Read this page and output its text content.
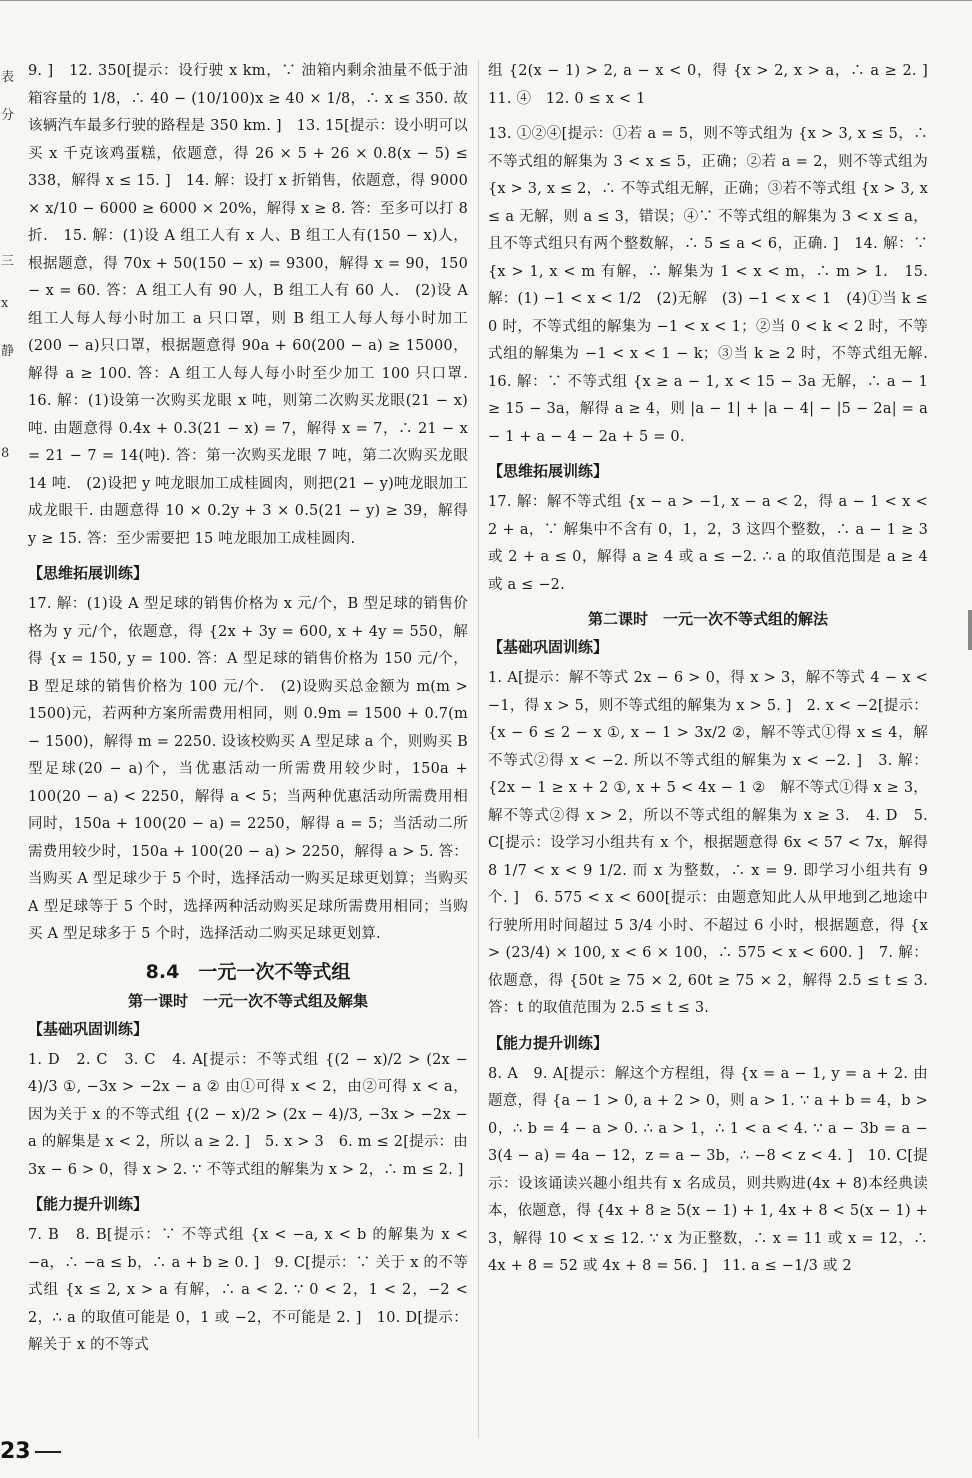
表
分
三
x
静
8

9. ]　12. 350[提示：设行驶 x km，∵ 油箱内剩余油量不低于油箱容量的 1/8，∴ 40 − (10/100)x ≥ 40 × 1/8，∴ x ≤ 350. 故该辆汽车最多行驶的路程是 350 km. ]　13. 15[提示：设小明可以买 x 千克该鸡蛋糕，依题意，得 26 × 5 + 26 × 0.8(x − 5) ≤ 338，解得 x ≤ 15. ]　14. 解：设打 x 折销售，依题意，得 9000 × x/10 − 6000 ≥ 6000 × 20%，解得 x ≥ 8. 答：至多可以打 8 折.　15. 解：(1)设 A 组工人有 x 人、B 组工人有(150 − x)人，根据题意，得 70x + 50(150 − x) = 9300，解得 x = 90，150 − x = 60. 答：A 组工人有 90 人，B 组工人有 60 人.　(2)设 A 组工人每人每小时加工 a 只口罩，则 B 组工人每人每小时加工(200 − a)只口罩，根据题意得 90a + 60(200 − a) ≥ 15000，解得 a ≥ 100. 答：A 组工人每人每小时至少加工 100 只口罩.　16. 解：(1)设第一次购买龙眼 x 吨，则第二次购买龙眼(21 − x)吨. 由题意得 0.4x + 0.3(21 − x) = 7，解得 x = 7，∴ 21 − x = 21 − 7 = 14(吨). 答：第一次购买龙眼 7 吨，第二次购买龙眼 14 吨.　(2)设把 y 吨龙眼加工成桂圆肉，则把(21 − y)吨龙眼加工成龙眼干. 由题意得 10 × 0.2y + 3 × 0.5(21 − y) ≥ 39，解得 y ≥ 15. 答：至少需要把 15 吨龙眼加工成桂圆肉.

【思维拓展训练】

17. 解：(1)设 A 型足球的销售价格为 x 元/个，B 型足球的销售价格为 y 元/个，依题意，得 {2x + 3y = 600, x + 4y = 550，解得 {x = 150, y = 100. 答：A 型足球的销售价格为 150 元/个，B 型足球的销售价格为 100 元/个.　(2)设购买总金额为 m(m > 1500)元，若两种方案所需费用相同，则 0.9m = 1500 + 0.7(m − 1500)，解得 m = 2250. 设该校购买 A 型足球 a 个，则购买 B 型足球(20 − a)个，当优惠活动一所需费用较少时，150a + 100(20 − a) < 2250，解得 a < 5；当两种优惠活动所需费用相同时，150a + 100(20 − a) = 2250，解得 a = 5；当活动二所需费用较少时，150a + 100(20 − a) > 2250，解得 a > 5. 答：当购买 A 型足球少于 5 个时，选择活动一购买足球更划算；当购买 A 型足球等于 5 个时，选择两种活动购买足球所需费用相同；当购买 A 型足球多于 5 个时，选择活动二购买足球更划算.

8.4　一元一次不等式组
第一课时　一元一次不等式组及解集
【基础巩固训练】

1. D　2. C　3. C　4. A[提示：不等式组 {(2 − x)/2 > (2x − 4)/3 ①, −3x > −2x − a ② 由①可得 x < 2，由②可得 x < a，因为关于 x 的不等式组 {(2 − x)/2 > (2x − 4)/3, −3x > −2x − a 的解集是 x < 2，所以 a ≥ 2. ]　5. x > 3　6. m ≤ 2[提示：由 3x − 6 > 0，得 x > 2. ∵ 不等式组的解集为 x > 2，∴ m ≤ 2. ]

【能力提升训练】

7. B　8. B[提示：∵ 不等式组 {x < −a, x < b 的解集为 x < −a，∴ −a ≤ b，∴ a + b ≥ 0. ]　9. C[提示：∵ 关于 x 的不等式组 {x ≤ 2, x > a 有解，∴ a < 2. ∵ 0 < 2，1 < 2，−2 < 2，∴ a 的取值可能是 0，1 或 −2，不可能是 2. ]　10. D[提示：解关于 x 的不等式

组 {2(x − 1) > 2, a − x < 0，得 {x > 2, x > a，∴ a ≥ 2. ]　11. ④　12. 0 ≤ x < 1

13. ①②④[提示：①若 a = 5，则不等式组为 {x > 3, x ≤ 5，∴ 不等式组的解集为 3 < x ≤ 5，正确；②若 a = 2，则不等式组为 {x > 3, x ≤ 2，∴ 不等式组无解，正确；③若不等式组 {x > 3, x ≤ a 无解，则 a ≤ 3，错误；④∵ 不等式组的解集为 3 < x ≤ a，且不等式组只有两个整数解，∴ 5 ≤ a < 6，正确. ]　14. 解：∵ {x > 1, x < m 有解，∴ 解集为 1 < x < m，∴ m > 1.　15. 解：(1) −1 < x < 1/2　(2)无解　(3) −1 < x < 1　(4)①当 k ≤ 0 时，不等式组的解集为 −1 < x < 1；②当 0 < k < 2 时，不等式组的解集为 −1 < x < 1 − k；③当 k ≥ 2 时，不等式组无解.　16. 解：∵ 不等式组 {x ≥ a − 1, x < 15 − 3a 无解，∴ a − 1 ≥ 15 − 3a，解得 a ≥ 4，则 |a − 1| + |a − 4| − |5 − 2a| = a − 1 + a − 4 − 2a + 5 = 0.

【思维拓展训练】

17. 解：解不等式组 {x − a > −1, x − a < 2，得 a − 1 < x < 2 + a，∵ 解集中不含有 0，1，2，3 这四个整数，∴ a − 1 ≥ 3 或 2 + a ≤ 0，解得 a ≥ 4 或 a ≤ −2. ∴ a 的取值范围是 a ≥ 4 或 a ≤ −2.

第二课时　一元一次不等式组的解法
【基础巩固训练】

1. A[提示：解不等式 2x − 6 > 0，得 x > 3，解不等式 4 − x < −1，得 x > 5，则不等式组的解集为 x > 5. ]　2. x < −2[提示：{x − 6 ≤ 2 − x ①, x − 1 > 3x/2 ②，解不等式①得 x ≤ 4，解不等式②得 x < −2. 所以不等式组的解集为 x < −2. ]　3. 解：{2x − 1 ≥ x + 2 ①, x + 5 < 4x − 1 ②　解不等式①得 x ≥ 3，解不等式②得 x > 2，所以不等式组的解集为 x ≥ 3.　4. D　5. C[提示：设学习小组共有 x 个，根据题意得 6x < 57 < 7x，解得 8 1/7 < x < 9 1/2. 而 x 为整数，∴ x = 9. 即学习小组共有 9 个. ]　6. 575 < x < 600[提示：由题意知此人从甲地到乙地途中行驶所用时间超过 5 3/4 小时、不超过 6 小时，根据题意，得 {x > (23/4) × 100, x < 6 × 100，∴ 575 < x < 600. ]　7. 解：依题意，得 {50t ≥ 75 × 2, 60t ≥ 75 × 2，解得 2.5 ≤ t ≤ 3. 答：t 的取值范围为 2.5 ≤ t ≤ 3.

【能力提升训练】

8. A　9. A[提示：解这个方程组，得 {x = a − 1, y = a + 2. 由题意，得 {a − 1 > 0, a + 2 > 0，则 a > 1. ∵ a + b = 4，b > 0，∴ b = 4 − a > 0. ∴ a > 1，∴ 1 < a < 4. ∵ a − 3b = a − 3(4 − a) = 4a − 12，z = a − 3b，∴ −8 < z < 4. ]　10. C[提示：设该诵读兴趣小组共有 x 名成员，则共购进(4x + 8)本经典读本，依题意，得 {4x + 8 ≥ 5(x − 1) + 1, 4x + 8 < 5(x − 1) + 3，解得 10 < x ≤ 12. ∵ x 为正整数，∴ x = 11 或 x = 12，∴ 4x + 8 = 52 或 4x + 8 = 56. ]　11. a ≤ −1/3 或 2

23
